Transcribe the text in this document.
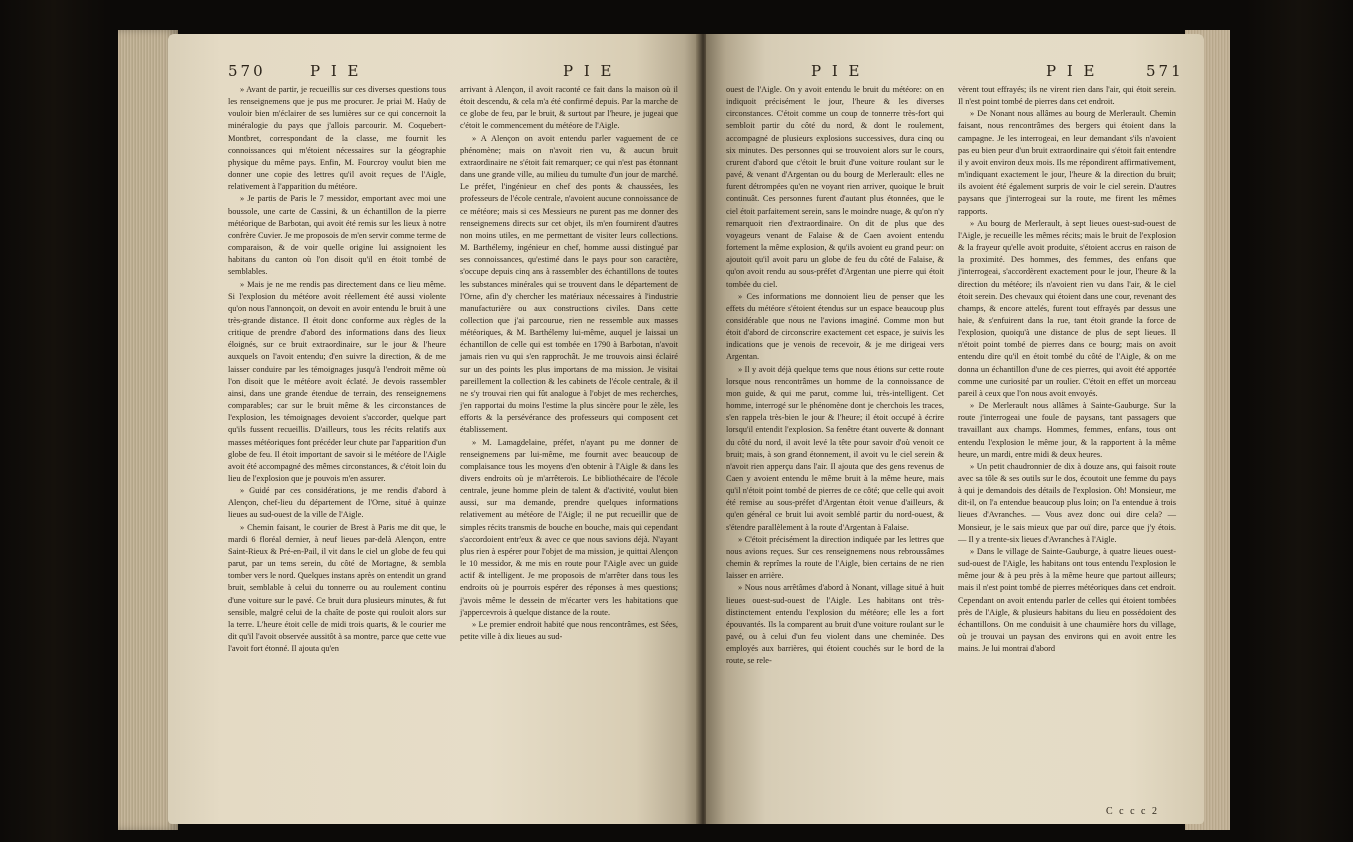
570	P I E	P I E

» Avant de partir, je recueillis sur ces diverses questions tous les renseignemens que je pus me procurer. Je priai M. Haüy de vouloir bien m'éclairer de ses lumières sur ce qui concernoit la minéralogie du pays que j'allois parcourir. M. Coquebert-Montbret, correspondant de la classe, me fournit les connoissances qui m'étoient nécessaires sur la géographie physique du même pays. Enfin, M. Fourcroy voulut bien me donner une copie des lettres qu'il avoit reçues de l'Aigle, relativement à l'apparition du météore.

» Je partis de Paris le 7 messidor, emportant avec moi une boussole, une carte de Cassini, & un échantillon de la pierre météorique de Barbotan, qui avoit été remis sur les lieux à notre confrère Cuvier. Je me proposois de m'en servir comme terme de comparaison, & de voir quelle origine lui assignoient les habitans du canton où l'on disoit qu'il en étoit tombé de semblables.

» Mais je ne me rendis pas directement dans ce lieu même. Si l'explosion du météore avoit réellement été aussi violente qu'on nous l'annonçoit, on devoit en avoir entendu le bruit à une très-grande distance. Il étoit donc conforme aux règles de la critique de prendre d'abord des informations dans des lieux éloignés, sur ce bruit extraordinaire, sur le jour & l'heure auxquels on l'avoit entendu; d'en suivre la direction, & de me laisser conduire par les témoignages jusqu'à l'endroit même où l'on disoit que le météore avoit éclaté. Je devois rassembler ainsi, dans une grande étendue de terrain, des renseignemens comparables; car sur le bruit même & les circonstances de l'explosion, les témoignages devoient s'accorder, quelque part qu'ils fussent recueillis. D'ailleurs, tous les récits relatifs aux masses météoriques font précéder leur chute par l'apparition d'un globe de feu. Il étoit important de savoir si le météore de l'Aigle avoit été accompagné des mêmes circonstances, & c'étoit loin du lieu de l'explosion que je pouvois m'en assurer.

» Guidé par ces considérations, je me rendis d'abord à Alençon, chef-lieu du département de l'Orne, situé à quinze lieues au sud-ouest de la ville de l'Aigle.

» Chemin faisant, le courier de Brest à Paris me dit que, le mardi 6 floréal dernier, à neuf lieues par-delà Alençon, entre Saint-Rieux & Pré-en-Pail, il vit dans le ciel un globe de feu qui parut, par un tems serein, du côté de Mortagne, & sembla tomber vers le nord. Quelques instans après on entendit un grand bruit, semblable à celui du tonnerre ou au roulement continu d'une voiture sur le pavé. Ce bruit dura plusieurs minutes, & fut sensible, malgré celui de la chaîte de poste qui rouloit alors sur la terre. L'heure étoit celle de midi trois quarts, & le courier me dit qu'il l'avoit observée aussitôt à sa montre, parce que cette vue l'avoit fort étonné. Il ajouta qu'en

arrivant à Alençon, il avoit raconté ce fait dans la maison où il étoit descendu, & cela m'a été confirmé depuis. Par la marche de ce globe de feu, par le bruit, & surtout par l'heure, je jugeai que c'étoit le commencement du météore de l'Aigle.

» A Alençon on avoit entendu parler vaguement de ce phénomène; mais on n'avoit rien vu, & aucun bruit extraordinaire ne s'étoit fait remarquer; ce qui n'est pas étonnant dans une grande ville, au milieu du tumulte d'un jour de marché. Le préfet, l'ingénieur en chef des ponts & chaussées, les professeurs de l'école centrale, n'avoient aucune connoissance de ce météore; mais si ces Messieurs ne purent pas me donner des renseignemens directs sur cet objet, ils m'en fournirent d'autres non moins utiles, en me permettant de visiter leurs collections. M. Barthélemy, ingénieur en chef, homme aussi distingué par ses connoissances, qu'estimé dans le pays pour son caractère, s'occupe depuis cinq ans à rassembler des échantillons de toutes les substances minérales qui se trouvent dans le département de l'Orne, afin d'y chercher les matériaux nécessaires à l'industrie manufacturière ou aux constructions civiles. Dans cette collection que j'ai parcourue, rien ne ressemble aux masses météoriques, & M. Barthélemy lui-même, auquel je laissai un échantillon de celle qui est tombée en 1790 à Barbotan, n'avoit jamais rien vu qui s'en rapprochât. Je me trouvois ainsi éclairé sur un des points les plus importans de ma mission. Je visitai pareillement la collection & les cabinets de l'école centrale, & il ne s'y trouvai rien qui fût analogue à l'objet de mes recherches, j'en rapportai du moins l'estime la plus sincère pour le zèle, les efforts & la persévérance des professeurs qui composent cet établissement.

» M. Lamagdelaine, préfet, n'ayant pu me donner de renseignemens par lui-même, me fournit avec beaucoup de complaisance tous les moyens d'en obtenir à l'Aigle & dans les divers endroits où je m'arrêterois. Le bibliothécaire de l'école centrale, jeune homme plein de talent & d'activité, voulut bien aussi, sur ma demande, prendre quelques informations relativement au météore de l'Aigle; il ne put recueillir que de simples récits transmis de bouche en bouche, mais qui cependant s'accordoient entr'eux & avec ce que nous savions déjà. N'ayant plus rien à espérer pour l'objet de ma mission, je quittai Alençon le 10 messidor, & me mis en route pour l'Aigle avec un guide actif & intelligent. Je me proposois de m'arrêter dans tous les endroits où je pourrois espérer des réponses à mes questions; j'avois même le dessein de m'écarter vers les habitations que j'appercevrois à quelque distance de la route.

» Le premier endroit habité que nous rencontrâmes, est Sées, petite ville à dix lieues au sud-

P I E	P I E	571

ouest de l'Aigle. On y avoit entendu le bruit du météore: on en indiquoit précisément le jour, l'heure & les diverses circonstances. C'étoit comme un coup de tonnerre très-fort qui sembloit partir du côté du nord, & dont le roulement, accompagné de plusieurs explosions successives, dura cinq ou six minutes. Des personnes qui se trouvoient alors sur le cours, crurent d'abord que c'étoit le bruit d'une voiture roulant sur le pavé, & venant d'Argentan ou du bourg de Merlerault: elles ne furent détrompées qu'en ne voyant rien arriver, quoique le bruit continuât. Ces personnes furent d'autant plus étonnées, que le ciel étoit parfaitement serein, sans le moindre nuage, & qu'on n'y remarquoit rien d'extraordinaire. On dit de plus que des voyageurs venant de Falaise & de Caen avoient entendu fortement la même explosion, & qu'ils avoient eu grand peur: on ajoutoit qu'il avoit paru un globe de feu du côté de Falaise, & qu'on avoit rendu au sous-préfet d'Argentan une pierre qui étoit tombée du ciel.

» Ces informations me donnoient lieu de penser que les effets du météore s'étoient étendus sur un espace beaucoup plus considérable que nous ne l'avions imaginé. Comme mon but étoit d'abord de circonscrire exactement cet espace, je suivis les indications que je venois de recevoir, & je me dirigeai vers Argentan.

» Il y avoit déjà quelque tems que nous étions sur cette route lorsque nous rencontrâmes un homme de la connoissance de mon guide, & qui me parut, comme lui, très-intelligent. Cet homme, interrogé sur le phénomène dont je cherchois les traces, s'en rappela très-bien le jour & l'heure; il étoit occupé à écrire lorsqu'il entendit l'explosion. Sa fenêtre étant ouverte & donnant du côté du nord, il avoit levé la tête pour savoir d'où venoit ce bruit; mais, à son grand étonnement, il avoit vu le ciel serein & n'avoit rien apperçu dans l'air. Il ajouta que des gens revenus de Caen y avoient entendu le même bruit à la même heure, mais qu'il n'étoit point tombé de pierres de ce côté; que celle qui avoit été remise au sous-préfet d'Argentan étoit venue d'ailleurs, & qu'en général ce bruit lui avoit semblé partir du nord-ouest, & s'étendre parallèlement à la route d'Argentan à Falaise.

» C'étoit précisément la direction indiquée par les lettres que nous avions reçues. Sur ces renseignemens nous rebroussâmes chemin & reprîmes la route de l'Aigle, bien certains de ne rien laisser en arrière.

» Nous nous arrêtâmes d'abord à Nonant, village situé à huit lieues ouest-sud-ouest de l'Aigle. Les habitans ont très-distinctement entendu l'explosion du météore; elle les a fort épouvantés. Ils la comparent au bruit d'une voiture roulant sur le pavé, ou à celui d'un feu violent dans une cheminée. Des employés aux barrières, qui étoient couchés sur le bord de la route, se rele-

vèrent tout effrayés; ils ne virent rien dans l'air, qui étoit serein. Il n'est point tombé de pierres dans cet endroit.

» De Nonant nous allâmes au bourg de Merlerault. Chemin faisant, nous rencontrâmes des bergers qui étoient dans la campagne. Je les interrogeai, en leur demandant s'ils n'avoient pas eu bien peur d'un bruit extraordinaire qui s'étoit fait entendre il y avoit environ deux mois. Ils me répondirent affirmativement, m'indiquant exactement le jour, l'heure & la direction du bruit; ils avoient été également surpris de voir le ciel serein. D'autres paysans que j'interrogeai sur la route, me firent les mêmes rapports.

» Au bourg de Merlerault, à sept lieues ouest-sud-ouest de l'Aigle, je recueille les mêmes récits; mais le bruit de l'explosion & la frayeur qu'elle avoit produite, s'étoient accrus en raison de la proximité. Des hommes, des femmes, des enfans que j'interrogeai, s'accordèrent exactement pour le jour, l'heure & la direction du météore; ils n'avoient rien vu dans l'air, & le ciel étoit serein. Des chevaux qui étoient dans une cour, revenant des champs, & encore attelés, furent tout effrayés par dessus une haie, & s'enfuirent dans la rue, tant étoit grande la force de l'explosion, quoiqu'à une distance de plus de sept lieues. Il n'étoit point tombé de pierres dans ce bourg; mais on avoit entendu dire qu'il en étoit tombé du côté de l'Aigle, & on me donna un échantillon d'une de ces pierres, qui avoit été apportée comme une curiosité par un roulier. C'étoit en effet un morceau pareil à ceux que l'on nous avoit envoyés.

» De Merlerault nous allâmes à Sainte-Gauburge. Sur la route j'interrogeai une foule de paysans, tant passagers que travaillant aux champs. Hommes, femmes, enfans, tous ont entendu l'explosion le même jour, & la rapportent à la même heure, un mardi, entre midi & deux heures.

» Un petit chaudronnier de dix à douze ans, qui faisoit route avec sa tôle & ses outils sur le dos, écoutoit une femme du pays à qui je demandois des détails de l'explosion. Oh! Monsieur, me dit-il, on l'a entendue beaucoup plus loin; on l'a entendue à trois lieues d'Avranches. — Vous avez donc oui dire cela? — Monsieur, je le sais mieux que par ouï dire, parce que j'y étois. — Il y a trente-six lieues d'Avranches à l'Aigle.

» Dans le village de Sainte-Gauburge, à quatre lieues ouest-sud-ouest de l'Aigle, les habitans ont tous entendu l'explosion le même jour & à peu près à la même heure que partout ailleurs; mais il n'est point tombé de pierres météoriques dans cet endroit. Cependant on avoit entendu parler de celles qui étoient tombées près de l'Aigle, & plusieurs habitans du lieu en possédoient des échantillons. On me conduisit à une chaumière hors du village, où je trouvai un paysan des environs qui en avoit entre les mains. Je lui montrai d'abord

C c c c 2
